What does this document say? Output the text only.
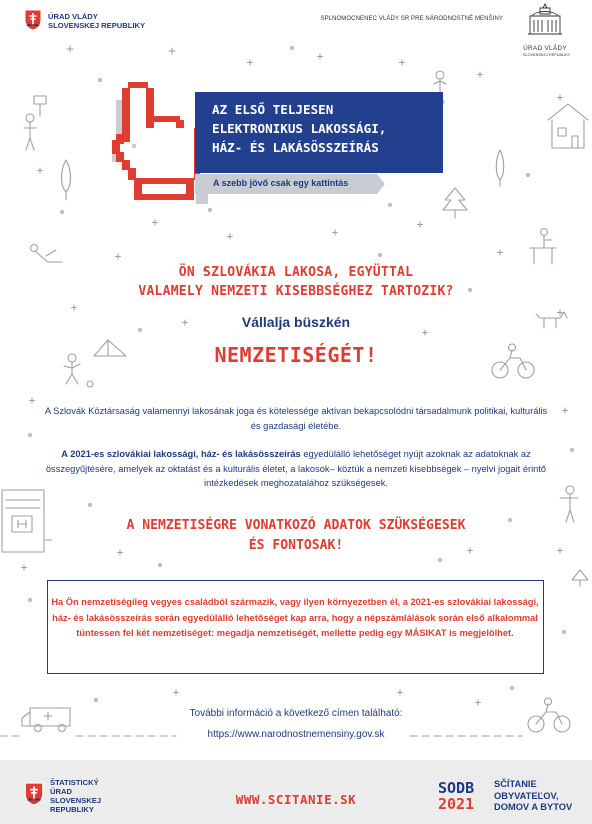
ÚRAD VLÁDY
SLOVENSKEJ REPUBLIKY
SPLNOMOCNENEC VLÁDY SR PRE NÁRODNOSTNÉ MENŠINY
ÚRAD VLÁDY
SLOVENSKEJ REPUBLIKY
AZ ELSŐ TELJESEN
ELEKTRONIKUS LAKOSSÁGI,
HÁZ- ÉS LAKÁSÖSSZEÍRÁS
A szebb jövő csak egy kattintás
ÖN SZLOVÁKIA LAKOSA, EGYÜTTAL
VALAMELY NEMZETI KISEBBSÉGHEZ TARTOZIK?
Vállalja büszkén
NEMZETISÉGÉT!
A Szlovák Köztársaság valamennyi lakosának joga és kötelessége aktívan bekapcsolódni társadalmunk politikai, kulturális és gazdasági életébe.
A 2021-es szlovákiai lakossági, ház- és lakásösszeírás egyedülálló lehetőséget nyújt azoknak az adatoknak az összegyűjtésére, amelyek az oktatást és a kulturális életet, a lakosok– köztük a nemzeti kisebbségek – nyelvi jogait érintő intézkedések meghozatalához szükségesek.
A NEMZETISÉGRE VONATKOZÓ ADATOK SZÜKSÉGESEK
ÉS FONTOSAK!

Ha Ön nemzetiségileg vegyes családból származik, vagy ilyen környezetben él, a 2021-es szlovákiai lakossági, ház- és lakásösszeírás során egyedülálló lehetőséget kap arra, hogy a népszámlálások során első alkalommal tüntessen fel két nemzetiséget: megadja nemzetiségét, mellette pedig egy MÁSIKAT is megjelölhet.

További információ a következő címen található:
https://www.narodnostnemensiny.gov.sk
ŠTATISTICKÝ
ÚRAD
SLOVENSKEJ
REPUBLIKY
WWW.SCITANIE.SK
SODB
2021
SČÍTANIE
OBYVATEĽOV,
DOMOV A BYTOV
